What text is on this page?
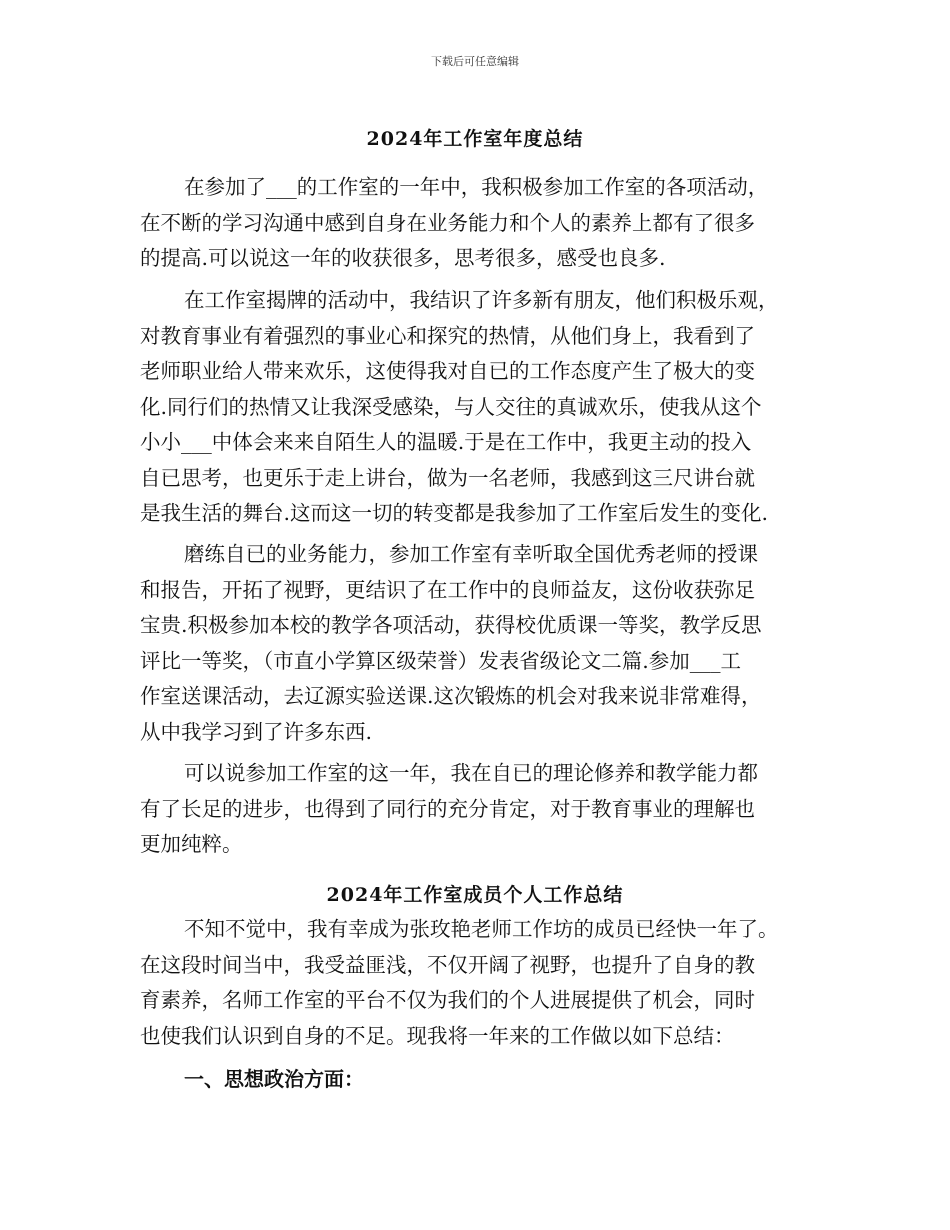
下载后可任意编辑
2024年工作室年度总结
在参加了___的工作室的一年中，我积极参加工作室的各项活动，
在不断的学习沟通中感到自身在业务能力和个人的素养上都有了很多
的提高.可以说这一年的收获很多，思考很多，感受也良多.
在工作室揭牌的活动中，我结识了许多新有朋友，他们积极乐观，
对教育事业有着强烈的事业心和探究的热情，从他们身上，我看到了
老师职业给人带来欢乐，这使得我对自已的工作态度产生了极大的变
化.同行们的热情又让我深受感染，与人交往的真诚欢乐，使我从这个
小小___中体会来来自陌生人的温暖.于是在工作中，我更主动的投入
自已思考，也更乐于走上讲台，做为一名老师，我感到这三尺讲台就
是我生活的舞台.这而这一切的转变都是我参加了工作室后发生的变化.
磨练自已的业务能力，参加工作室有幸听取全国优秀老师的授课
和报告，开拓了视野，更结识了在工作中的良师益友，这份收获弥足
宝贵.积极参加本校的教学各项活动，获得校优质课一等奖，教学反思
评比一等奖，（市直小学算区级荣誉）发表省级论文二篇.参加___工
作室送课活动，去辽源实验送课.这次锻炼的机会对我来说非常难得，
从中我学习到了许多东西.
可以说参加工作室的这一年，我在自已的理论修养和教学能力都
有了长足的进步，也得到了同行的充分肯定，对于教育事业的理解也
更加纯粹。
2024年工作室成员个人工作总结
不知不觉中，我有幸成为张玫艳老师工作坊的成员已经快一年了。
在这段时间当中，我受益匪浅，不仅开阔了视野，也提升了自身的教
育素养，名师工作室的平台不仅为我们的个人进展提供了机会，同时
也使我们认识到自身的不足。现我将一年来的工作做以如下总结：
一、思想政治方面：
